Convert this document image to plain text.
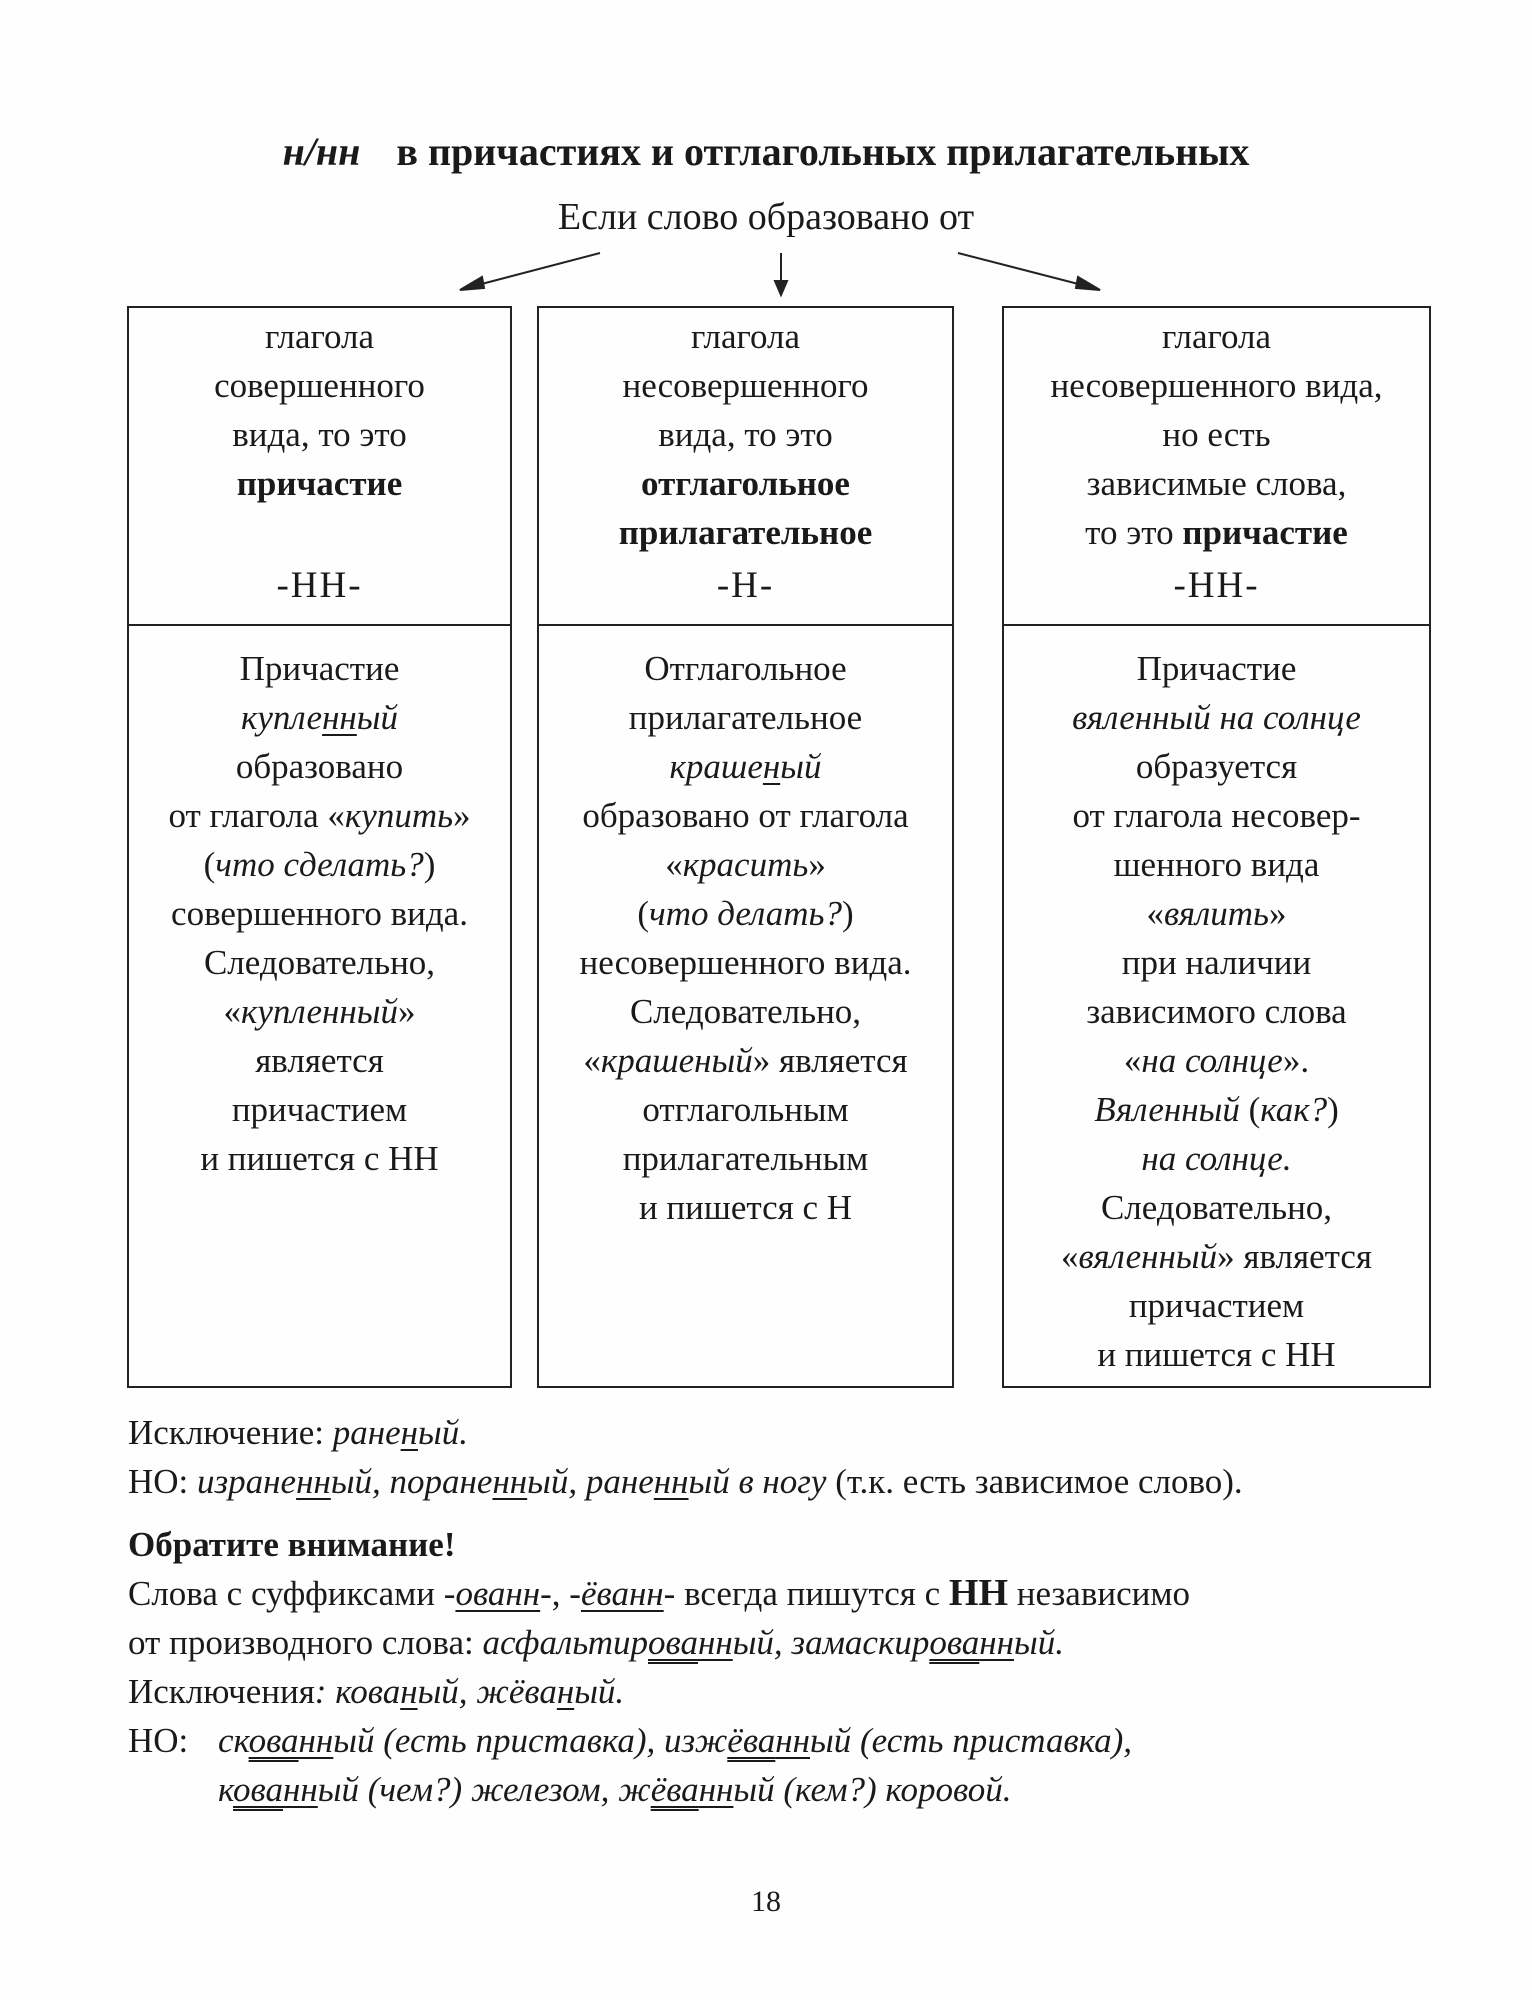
н/нн в причастиях и отглагольных прилагательных
Если слово образовано от
глагола
совершенного
вида, то это
причастие
-НН-
Причастие
купленный
образовано
от глагола «купить»
(что сделать?)
совершенного вида.
Следовательно,
«купленный»
является
причастием
и пишется с НН
глагола
несовершенного
вида, то это
отглагольное
прилагательное
-Н-
Отглагольное
прилагательное
крашеный
образовано от глагола
«красить»
(что делать?)
несовершенного вида.
Следовательно,
«крашеный» является
отглагольным
прилагательным
и пишется с Н
глагола
несовершенного вида,
но есть
зависимые слова,
то это причастие
-НН-
Причастие
вяленный на солнце
образуется
от глагола несовер-
шенного вида
«вялить»
при наличии
зависимого слова
«на солнце».
Вяленный (как?)
на солнце.
Следовательно,
«вяленный» является
причастием
и пишется с НН
Исключение: раненый.
НО: израненный, пораненный, раненный в ногу (т.к. есть зависимое слово).
Обратите внимание!
Слова с суффиксами -ованн-, -ёванн- всегда пишутся с НН независимо
от производного слова: асфальтированный, замаскированный.
Исключения: кованый, жёваный.
НО: скованный (есть приставка), изжёванный (есть приставка),
кованный (чем?) железом, жёванный (кем?) коровой.
18
